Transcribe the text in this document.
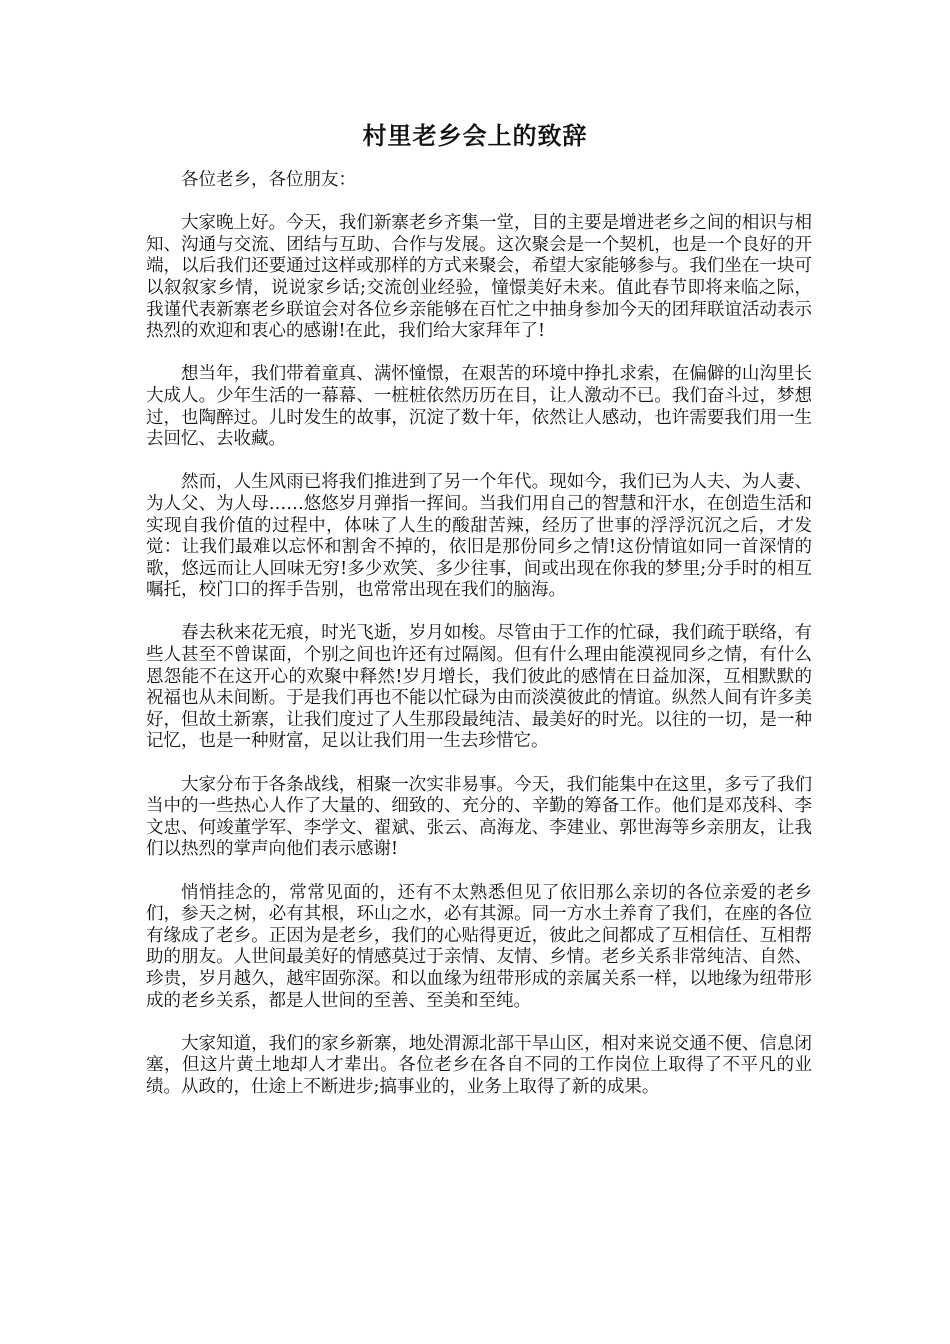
村里老乡会上的致辞

各位老乡，各位朋友：

大家晚上好。今天，我们新寨老乡齐集一堂，目的主要是增进老乡之间的相识与相知、沟通与交流、团结与互助、合作与发展。这次聚会是一个契机，也是一个良好的开端，以后我们还要通过这样或那样的方式来聚会，希望大家能够参与。我们坐在一块可以叙叙家乡情，说说家乡话;交流创业经验，憧憬美好未来。值此春节即将来临之际，我谨代表新寨老乡联谊会对各位乡亲能够在百忙之中抽身参加今天的团拜联谊活动表示热烈的欢迎和衷心的感谢!在此，我们给大家拜年了!

想当年，我们带着童真、满怀憧憬，在艰苦的环境中挣扎求索，在偏僻的山沟里长大成人。少年生活的一幕幕、一桩桩依然历历在目，让人激动不已。我们奋斗过，梦想过，也陶醉过。儿时发生的故事，沉淀了数十年，依然让人感动，也许需要我们用一生去回忆、去收藏。

然而，人生风雨已将我们推进到了另一个年代。现如今，我们已为人夫、为人妻、为人父、为人母……悠悠岁月弹指一挥间。当我们用自己的智慧和汗水，在创造生活和实现自我价值的过程中，体味了人生的酸甜苦辣，经历了世事的浮浮沉沉之后，才发觉：让我们最难以忘怀和割舍不掉的，依旧是那份同乡之情!这份情谊如同一首深情的歌，悠远而让人回味无穷!多少欢笑、多少往事，间或出现在你我的梦里;分手时的相互嘱托，校门口的挥手告别，也常常出现在我们的脑海。

春去秋来花无痕，时光飞逝，岁月如梭。尽管由于工作的忙碌，我们疏于联络，有些人甚至不曾谋面，个别之间也许还有过隔阂。但有什么理由能漠视同乡之情，有什么恩怨能不在这开心的欢聚中释然!岁月增长，我们彼此的感情在日益加深，互相默默的祝福也从未间断。于是我们再也不能以忙碌为由而淡漠彼此的情谊。纵然人间有许多美好，但故土新寨，让我们度过了人生那段最纯洁、最美好的时光。以往的一切，是一种记忆，也是一种财富，足以让我们用一生去珍惜它。

大家分布于各条战线，相聚一次实非易事。今天，我们能集中在这里，多亏了我们当中的一些热心人作了大量的、细致的、充分的、辛勤的筹备工作。他们是邓茂科、李文忠、何竣董学军、李学文、翟斌、张云、高海龙、李建业、郭世海等乡亲朋友，让我们以热烈的掌声向他们表示感谢!

悄悄挂念的，常常见面的，还有不太熟悉但见了依旧那么亲切的各位亲爱的老乡们，参天之树，必有其根，环山之水，必有其源。同一方水土养育了我们，在座的各位有缘成了老乡。正因为是老乡，我们的心贴得更近，彼此之间都成了互相信任、互相帮助的朋友。人世间最美好的情感莫过于亲情、友情、乡情。老乡关系非常纯洁、自然、珍贵，岁月越久，越牢固弥深。和以血缘为纽带形成的亲属关系一样，以地缘为纽带形成的老乡关系，都是人世间的至善、至美和至纯。

大家知道，我们的家乡新寨，地处渭源北部干旱山区，相对来说交通不便、信息闭塞，但这片黄土地却人才辈出。各位老乡在各自不同的工作岗位上取得了不平凡的业绩。从政的，仕途上不断进步;搞事业的，业务上取得了新的成果。
